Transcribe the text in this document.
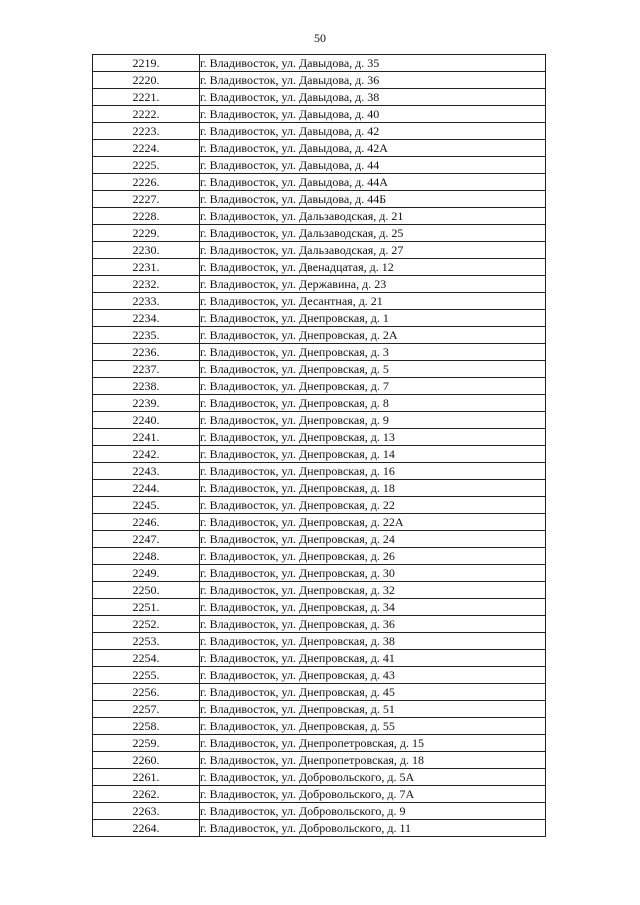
50
2219.	г. Владивосток, ул. Давыдова, д. 35
2220.	г. Владивосток, ул. Давыдова, д. 36
2221.	г. Владивосток, ул. Давыдова, д. 38
2222.	г. Владивосток, ул. Давыдова, д. 40
2223.	г. Владивосток, ул. Давыдова, д. 42
2224.	г. Владивосток, ул. Давыдова, д. 42А
2225.	г. Владивосток, ул. Давыдова, д. 44
2226.	г. Владивосток, ул. Давыдова, д. 44А
2227.	г. Владивосток, ул. Давыдова, д. 44Б
2228.	г. Владивосток, ул. Дальзаводская, д. 21
2229.	г. Владивосток, ул. Дальзаводская, д. 25
2230.	г. Владивосток, ул. Дальзаводская, д. 27
2231.	г. Владивосток, ул. Двенадцатая, д. 12
2232.	г. Владивосток, ул. Державина, д. 23
2233.	г. Владивосток, ул. Десантная, д. 21
2234.	г. Владивосток, ул. Днепровская, д. 1
2235.	г. Владивосток, ул. Днепровская, д. 2А
2236.	г. Владивосток, ул. Днепровская, д. 3
2237.	г. Владивосток, ул. Днепровская, д. 5
2238.	г. Владивосток, ул. Днепровская, д. 7
2239.	г. Владивосток, ул. Днепровская, д. 8
2240.	г. Владивосток, ул. Днепровская, д. 9
2241.	г. Владивосток, ул. Днепровская, д. 13
2242.	г. Владивосток, ул. Днепровская, д. 14
2243.	г. Владивосток, ул. Днепровская, д. 16
2244.	г. Владивосток, ул. Днепровская, д. 18
2245.	г. Владивосток, ул. Днепровская, д. 22
2246.	г. Владивосток, ул. Днепровская, д. 22А
2247.	г. Владивосток, ул. Днепровская, д. 24
2248.	г. Владивосток, ул. Днепровская, д. 26
2249.	г. Владивосток, ул. Днепровская, д. 30
2250.	г. Владивосток, ул. Днепровская, д. 32
2251.	г. Владивосток, ул. Днепровская, д. 34
2252.	г. Владивосток, ул. Днепровская, д. 36
2253.	г. Владивосток, ул. Днепровская, д. 38
2254.	г. Владивосток, ул. Днепровская, д. 41
2255.	г. Владивосток, ул. Днепровская, д. 43
2256.	г. Владивосток, ул. Днепровская, д. 45
2257.	г. Владивосток, ул. Днепровская, д. 51
2258.	г. Владивосток, ул. Днепровская, д. 55
2259.	г. Владивосток, ул. Днепропетровская, д. 15
2260.	г. Владивосток, ул. Днепропетровская, д. 18
2261.	г. Владивосток, ул. Добровольского, д. 5А
2262.	г. Владивосток, ул. Добровольского, д. 7А
2263.	г. Владивосток, ул. Добровольского, д. 9
2264.	г. Владивосток, ул. Добровольского, д. 11
